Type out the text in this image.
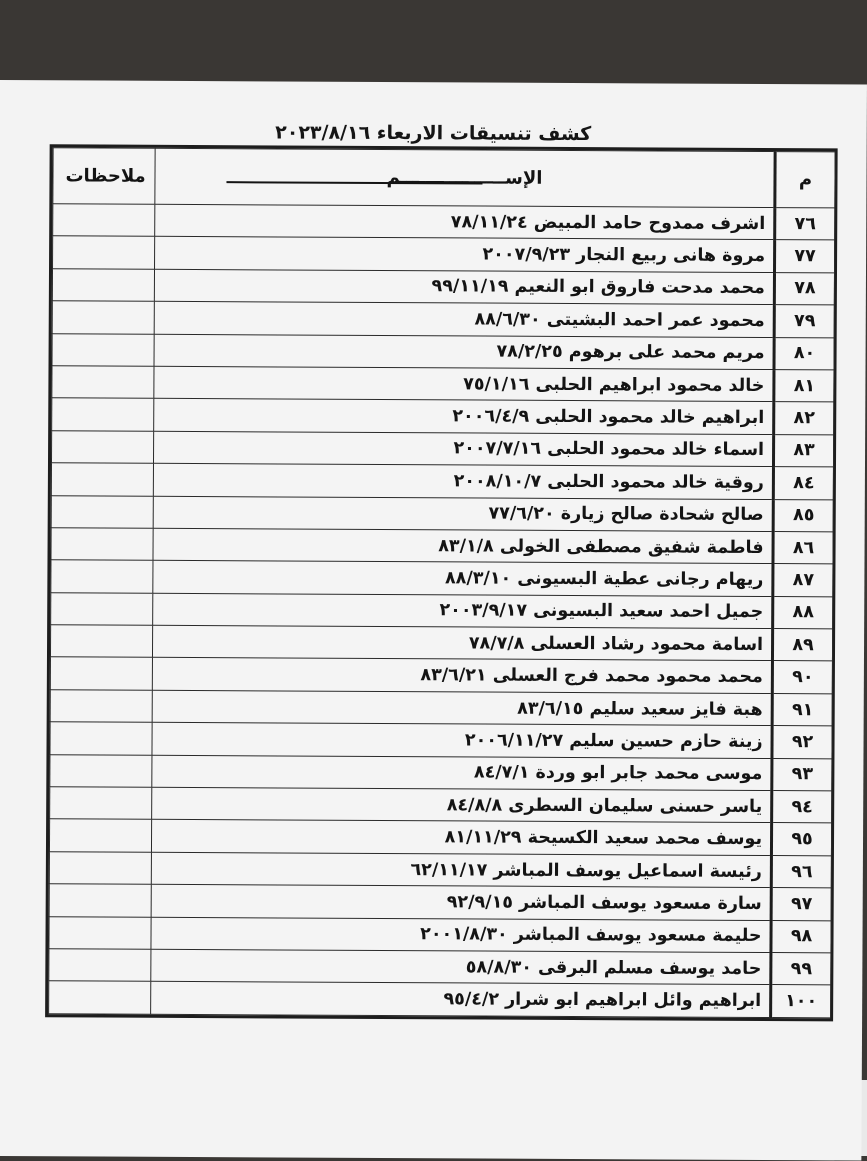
كشف تنسيقات الاربعاء ٢٠٢٣/٨/١٦
م	الإســـــــــــــــــم	ملاحظات
٧٦	اشرف ممدوح حامد المبيض ٧٨/١١/٢٤	
٧٧	مروة هانى ربيع النجار ٢٠٠٧/٩/٢٣	
٧٨	محمد مدحت فاروق ابو النعيم ٩٩/١١/١٩	
٧٩	محمود عمر احمد البشيتى ٨٨/٦/٣٠	
٨٠	مريم محمد على برهوم ٧٨/٢/٢٥	
٨١	خالد محمود ابراهيم الحلبى ٧٥/١/١٦	
٨٢	ابراهيم خالد محمود الحلبى ٢٠٠٦/٤/٩	
٨٣	اسماء خالد محمود الحلبى ٢٠٠٧/٧/١٦	
٨٤	روقية خالد محمود الحلبى ٢٠٠٨/١٠/٧	
٨٥	صالح شحادة صالح زيارة ٧٧/٦/٢٠	
٨٦	فاطمة شفيق مصطفى الخولى ٨٣/١/٨	
٨٧	ريهام رجانى عطية البسيونى ٨٨/٣/١٠	
٨٨	جميل احمد سعيد البسيونى ٢٠٠٣/٩/١٧	
٨٩	اسامة محمود رشاد العسلى ٧٨/٧/٨	
٩٠	محمد محمود محمد فرج العسلى ٨٣/٦/٢١	
٩١	هبة فايز سعيد سليم ٨٣/٦/١٥	
٩٢	زينة حازم حسين سليم ٢٠٠٦/١١/٢٧	
٩٣	موسى محمد جابر ابو وردة ٨٤/٧/١	
٩٤	ياسر حسنى سليمان السطرى ٨٤/٨/٨	
٩٥	يوسف محمد سعيد الكسيحة ٨١/١١/٢٩	
٩٦	رئيسة اسماعيل يوسف المباشر ٦٢/١١/١٧	
٩٧	سارة مسعود يوسف المباشر ٩٢/٩/١٥	
٩٨	حليمة مسعود يوسف المباشر ٢٠٠١/٨/٣٠	
٩٩	حامد يوسف مسلم البرقى ٥٨/٨/٣٠	
١٠٠	ابراهيم وائل ابراهيم ابو شرار ٩٥/٤/٢	
